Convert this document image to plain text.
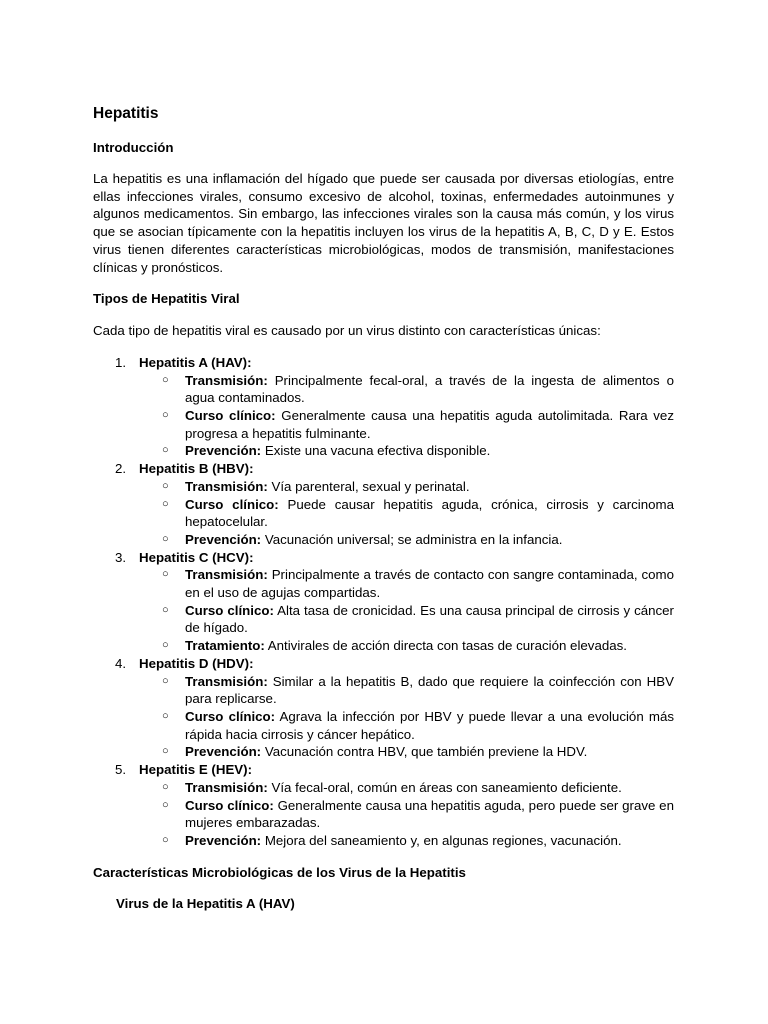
Hepatitis
Introducción

La hepatitis es una inflamación del hígado que puede ser causada por diversas etiologías, entre ellas infecciones virales, consumo excesivo de alcohol, toxinas, enfermedades autoinmunes y algunos medicamentos. Sin embargo, las infecciones virales son la causa más común, y los virus que se asocian típicamente con la hepatitis incluyen los virus de la hepatitis A, B, C, D y E. Estos virus tienen diferentes características microbiológicas, modos de transmisión, manifestaciones clínicas y pronósticos.

Tipos de Hepatitis Viral

Cada tipo de hepatitis viral es causado por un virus distinto con características únicas:

1. Hepatitis A (HAV):
○ Transmisión: Principalmente fecal-oral, a través de la ingesta de alimentos o agua contaminados.
○ Curso clínico: Generalmente causa una hepatitis aguda autolimitada. Rara vez progresa a hepatitis fulminante.
○ Prevención: Existe una vacuna efectiva disponible.
2. Hepatitis B (HBV):
○ Transmisión: Vía parenteral, sexual y perinatal.
○ Curso clínico: Puede causar hepatitis aguda, crónica, cirrosis y carcinoma hepatocelular.
○ Prevención: Vacunación universal; se administra en la infancia.
3. Hepatitis C (HCV):
○ Transmisión: Principalmente a través de contacto con sangre contaminada, como en el uso de agujas compartidas.
○ Curso clínico: Alta tasa de cronicidad. Es una causa principal de cirrosis y cáncer de hígado.
○ Tratamiento: Antivirales de acción directa con tasas de curación elevadas.
4. Hepatitis D (HDV):
○ Transmisión: Similar a la hepatitis B, dado que requiere la coinfección con HBV para replicarse.
○ Curso clínico: Agrava la infección por HBV y puede llevar a una evolución más rápida hacia cirrosis y cáncer hepático.
○ Prevención: Vacunación contra HBV, que también previene la HDV.
5. Hepatitis E (HEV):
○ Transmisión: Vía fecal-oral, común en áreas con saneamiento deficiente.
○ Curso clínico: Generalmente causa una hepatitis aguda, pero puede ser grave en mujeres embarazadas.
○ Prevención: Mejora del saneamiento y, en algunas regiones, vacunación.
Características Microbiológicas de los Virus de la Hepatitis
Virus de la Hepatitis A (HAV)
